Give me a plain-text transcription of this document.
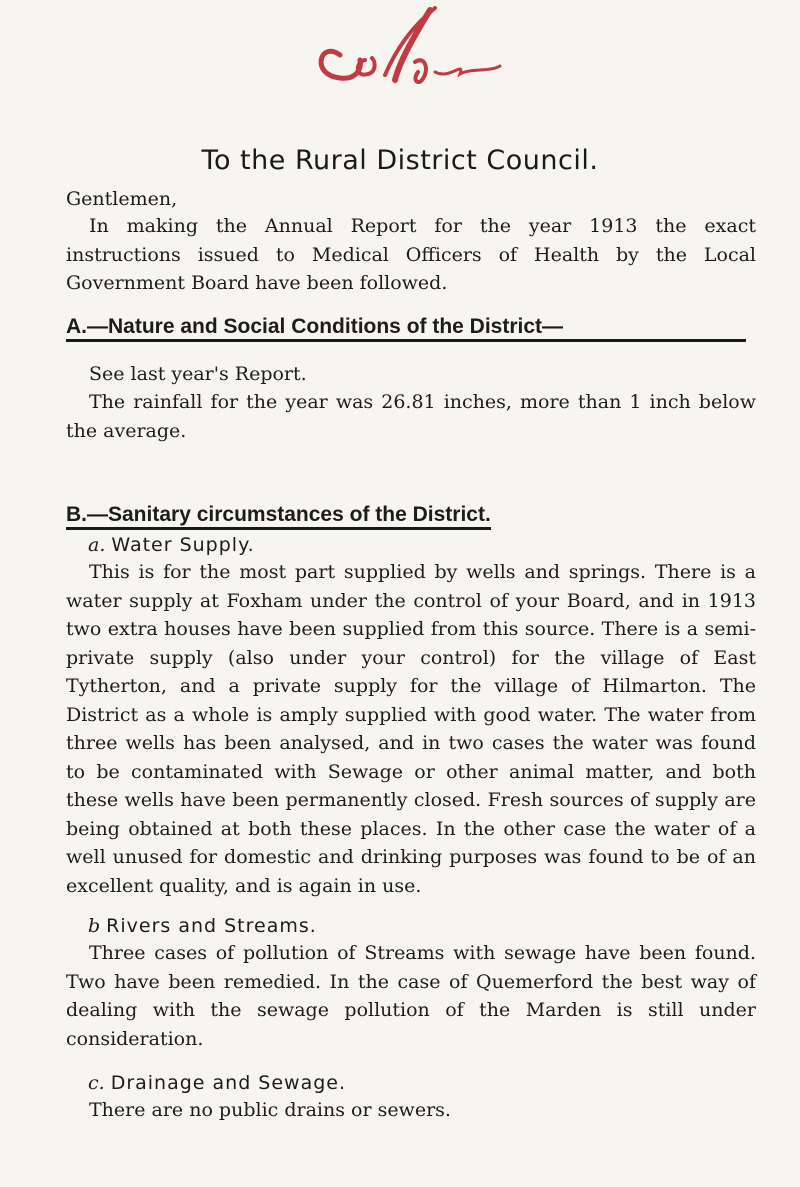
To the Rural District Council.
Gentlemen,
In making the Annual Report for the year 1913 the exact instructions issued to Medical Officers of Health by the Local Government Board have been followed.
A.—Nature and Social Conditions of the District—
See last year's Report.
The rainfall for the year was 26.81 inches, more than 1 inch below the average.
B.—Sanitary circumstances of the District.
a. Water Supply.
This is for the most part supplied by wells and springs. There is a water supply at Foxham under the control of your Board, and in 1913 two extra houses have been supplied from this source. There is a semi-private supply (also under your control) for the village of East Tytherton, and a private supply for the village of Hilmarton. The District as a whole is amply supplied with good water. The water from three wells has been analysed, and in two cases the water was found to be contaminated with Sewage or other animal matter, and both these wells have been permanently closed. Fresh sources of supply are being obtained at both these places. In the other case the water of a well unused for domestic and drinking purposes was found to be of an excellent quality, and is again in use.
b Rivers and Streams.
Three cases of pollution of Streams with sewage have been found. Two have been remedied. In the case of Quemerford the best way of dealing with the sewage pollution of the Marden is still under consideration.
c. Drainage and Sewage.
There are no public drains or sewers.
